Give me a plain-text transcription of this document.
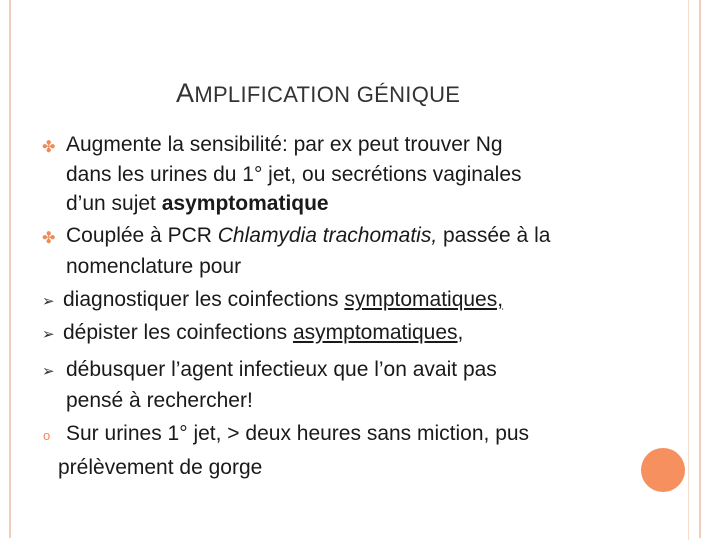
AMPLIFICATION GÉNIQUE
✤ Augmente la sensibilité: par ex peut trouver Ng
dans les urines du 1° jet, ou secrétions vaginales
d’un sujet asymptomatique
✤ Couplée à PCR Chlamydia trachomatis, passée à la
nomenclature pour
➢ diagnostiquer les coinfections symptomatiques,
➢ dépister les coinfections asymptomatiques,
➢ débusquer l’agent infectieux que l’on avait pas
pensé à rechercher!
o Sur urines 1° jet, > deux heures sans miction, pus
prélèvement de gorge
